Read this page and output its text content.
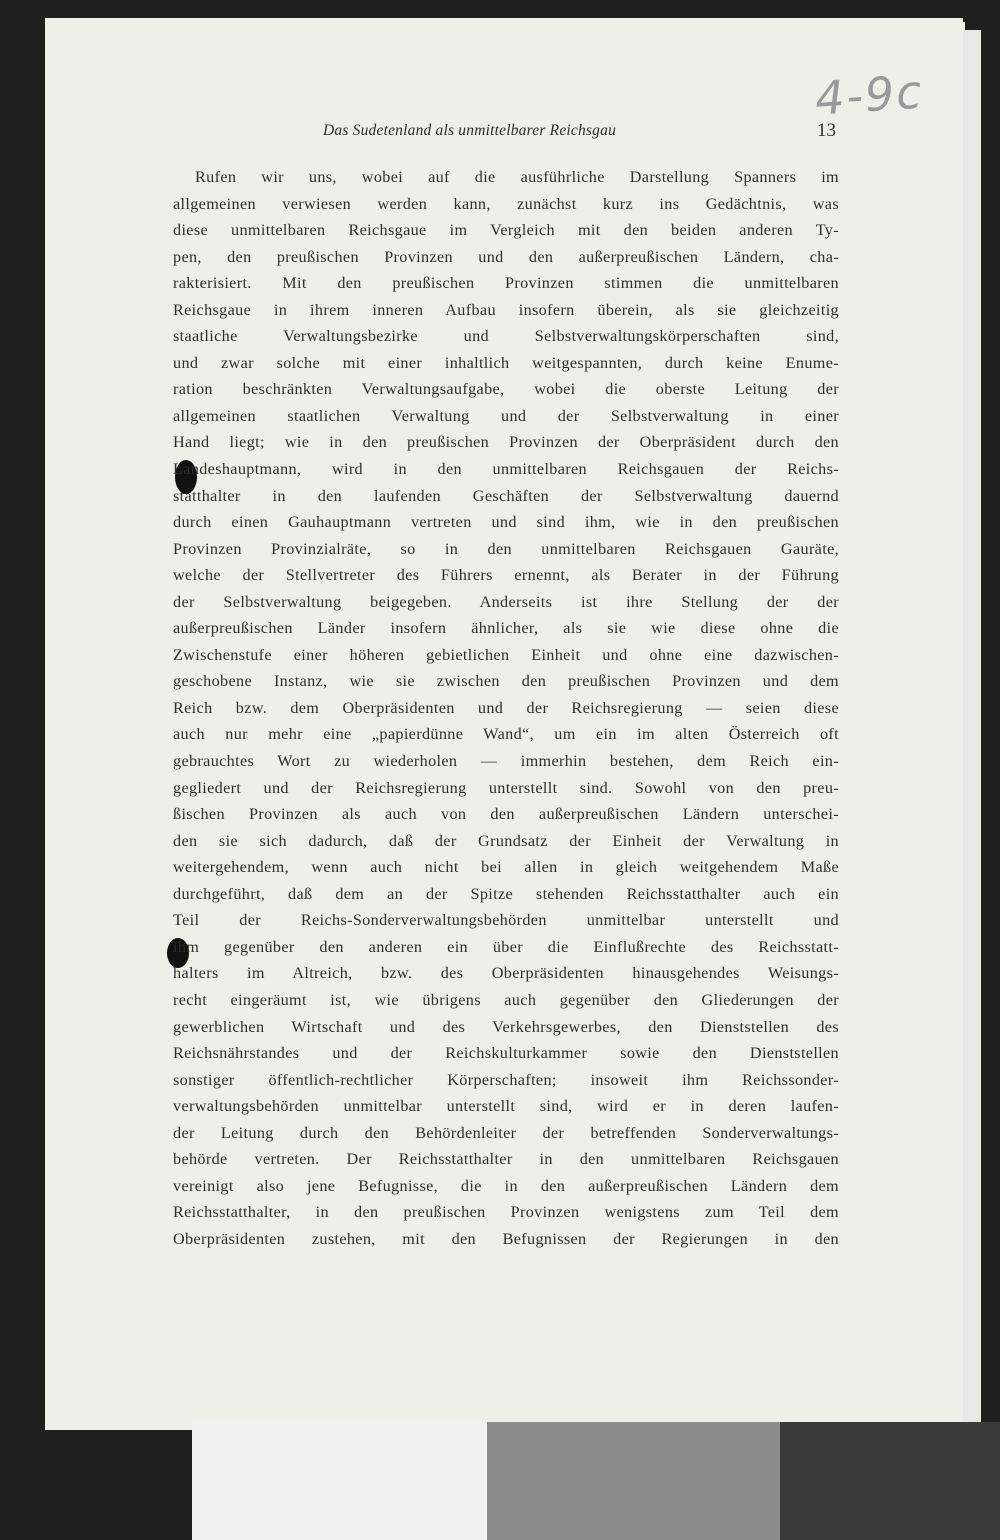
4-9c
Das Sudetenland als unmittelbarer Reichsgau	13
Rufen wir uns, wobei auf die ausführliche Darstellung Spanners im
allgemeinen verwiesen werden kann, zunächst kurz ins Gedächtnis, was
diese unmittelbaren Reichsgaue im Vergleich mit den beiden anderen Ty-
pen, den preußischen Provinzen und den außerpreußischen Ländern, cha-
rakterisiert. Mit den preußischen Provinzen stimmen die unmittelbaren
Reichsgaue in ihrem inneren Aufbau insofern überein, als sie gleichzeitig
staatliche Verwaltungsbezirke und Selbstverwaltungskörperschaften sind,
und zwar solche mit einer inhaltlich weitgespannten, durch keine Enume-
ration beschränkten Verwaltungsaufgabe, wobei die oberste Leitung der
allgemeinen staatlichen Verwaltung und der Selbstverwaltung in einer
Hand liegt; wie in den preußischen Provinzen der Oberpräsident durch den
Landeshauptmann, wird in den unmittelbaren Reichsgauen der Reichs-
statthalter in den laufenden Geschäften der Selbstverwaltung dauernd
durch einen Gauhauptmann vertreten und sind ihm, wie in den preußischen
Provinzen Provinzialräte, so in den unmittelbaren Reichsgauen Gauräte,
welche der Stellvertreter des Führers ernennt, als Berater in der Führung
der Selbstverwaltung beigegeben. Anderseits ist ihre Stellung der der
außerpreußischen Länder insofern ähnlicher, als sie wie diese ohne die
Zwischenstufe einer höheren gebietlichen Einheit und ohne eine dazwischen-
geschobene Instanz, wie sie zwischen den preußischen Provinzen und dem
Reich bzw. dem Oberpräsidenten und der Reichsregierung — seien diese
auch nur mehr eine „papierdünne Wand“, um ein im alten Österreich oft
gebrauchtes Wort zu wiederholen — immerhin bestehen, dem Reich ein-
gegliedert und der Reichsregierung unterstellt sind. Sowohl von den preu-
ßischen Provinzen als auch von den außerpreußischen Ländern unterschei-
den sie sich dadurch, daß der Grundsatz der Einheit der Verwaltung in
weitergehendem, wenn auch nicht bei allen in gleich weitgehendem Maße
durchgeführt, daß dem an der Spitze stehenden Reichsstatthalter auch ein
Teil der Reichs-Sonderverwaltungsbehörden unmittelbar unterstellt und
ihm gegenüber den anderen ein über die Einflußrechte des Reichsstatt-
halters im Altreich, bzw. des Oberpräsidenten hinausgehendes Weisungs-
recht eingeräumt ist, wie übrigens auch gegenüber den Gliederungen der
gewerblichen Wirtschaft und des Verkehrsgewerbes, den Dienststellen des
Reichsnährstandes und der Reichskulturkammer sowie den Dienststellen
sonstiger öffentlich-rechtlicher Körperschaften; insoweit ihm Reichssonder-
verwaltungsbehörden unmittelbar unterstellt sind, wird er in deren laufen-
der Leitung durch den Behördenleiter der betreffenden Sonderverwaltungs-
behörde vertreten. Der Reichsstatthalter in den unmittelbaren Reichsgauen
vereinigt also jene Befugnisse, die in den außerpreußischen Ländern dem
Reichsstatthalter, in den preußischen Provinzen wenigstens zum Teil dem
Oberpräsidenten zustehen, mit den Befugnissen der Regierungen in den
